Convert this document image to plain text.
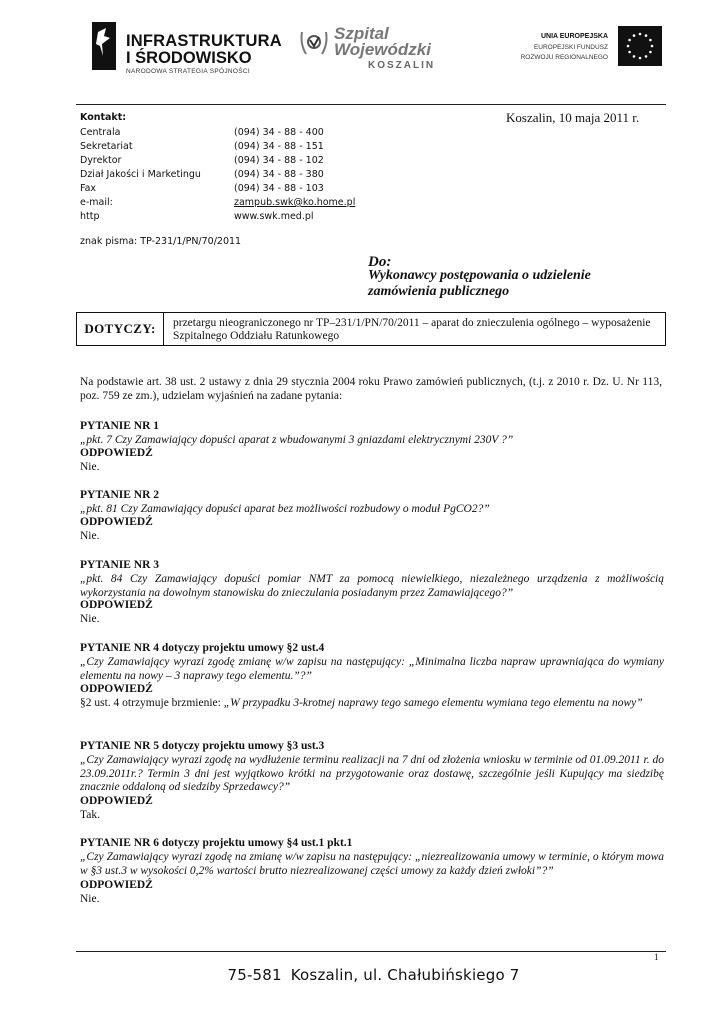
INFRASTRUKTURA
I ŚRODOWISKO
NARODOWA STRATEGIA SPÓJNOŚCI
Szpital
Wojewódzki
KOSZALIN
UNIA EUROPEJSKA
EUROPEJSKI FUNDUSZ
ROZWOJU REGIONALNEGO
Kontakt:
Centrala	(094) 34 - 88 - 400
Sekretariat	(094) 34 - 88 - 151
Dyrektor	(094) 34 - 88 - 102
Dział Jakości i Marketingu	(094) 34 - 88 - 380
Fax	(094) 34 - 88 - 103
e-mail:	zampub.swk@ko.home.pl
http	www.swk.med.pl
Koszalin, 10 maja 2011 r.
znak pisma: TP-231/1/PN/70/2011
Do:
Wykonawcy postępowania o udzielenie
zamówienia publicznego
DOTYCZY:	przetargu nieograniczonego nr TP–231/1/PN/70/2011 – aparat do znieczulenia ogólnego – wyposażenie Szpitalnego Oddziału Ratunkowego
Na podstawie art. 38 ust. 2 ustawy z dnia 29 stycznia 2004 roku Prawo zamówień publicznych, (t.j. z 2010 r. Dz. U. Nr 113, poz. 759 ze zm.), udzielam wyjaśnień na zadane pytania:
PYTANIE NR 1
„pkt. 7 Czy Zamawiający dopuści aparat z wbudowanymi 3 gniazdami elektrycznymi 230V ?”
ODPOWIEDŹ
Nie.
PYTANIE NR 2
„pkt. 81 Czy Zamawiający dopuści aparat bez możliwości rozbudowy o moduł PgCO2?”
ODPOWIEDŹ
Nie.
PYTANIE NR 3
„pkt. 84 Czy Zamawiający dopuści pomiar NMT za pomocą niewielkiego, niezależnego urządzenia z możliwością wykorzystania na dowolnym stanowisku do znieczulania posiadanym przez Zamawiającego?”
ODPOWIEDŹ
Nie.
PYTANIE NR 4 dotyczy projektu umowy §2 ust.4
„Czy Zamawiający wyrazi zgodę zmianę w/w zapisu na następujący: „Minimalna liczba napraw uprawniająca do wymiany elementu na nowy – 3 naprawy tego elementu.”?”
ODPOWIEDŹ
§2 ust. 4 otrzymuje brzmienie: „W przypadku 3-krotnej naprawy tego samego elementu wymiana tego elementu na nowy”
PYTANIE NR 5 dotyczy projektu umowy §3 ust.3
„Czy Zamawiający wyrazi zgodę na wydłużenie terminu realizacji na 7 dni od złożenia wniosku w terminie od 01.09.2011 r. do 23.09.2011r.? Termin 3 dni jest wyjątkowo krótki na przygotowanie oraz dostawę, szczególnie jeśli Kupujący ma siedzibę znacznie oddaloną od siedziby Sprzedawcy?”
ODPOWIEDŹ
Tak.
PYTANIE NR 6 dotyczy projektu umowy §4 ust.1 pkt.1
„Czy Zamawiający wyrazi zgodę na zmianę w/w zapisu na następujący: „niezrealizowania umowy w terminie, o którym mowa w §3 ust.3 w wysokości 0,2% wartości brutto niezrealizowanej części umowy za każdy dzień zwłoki”?”
ODPOWIEDŹ
Nie.
1
75-581 Koszalin, ul. Chałubińskiego 7
